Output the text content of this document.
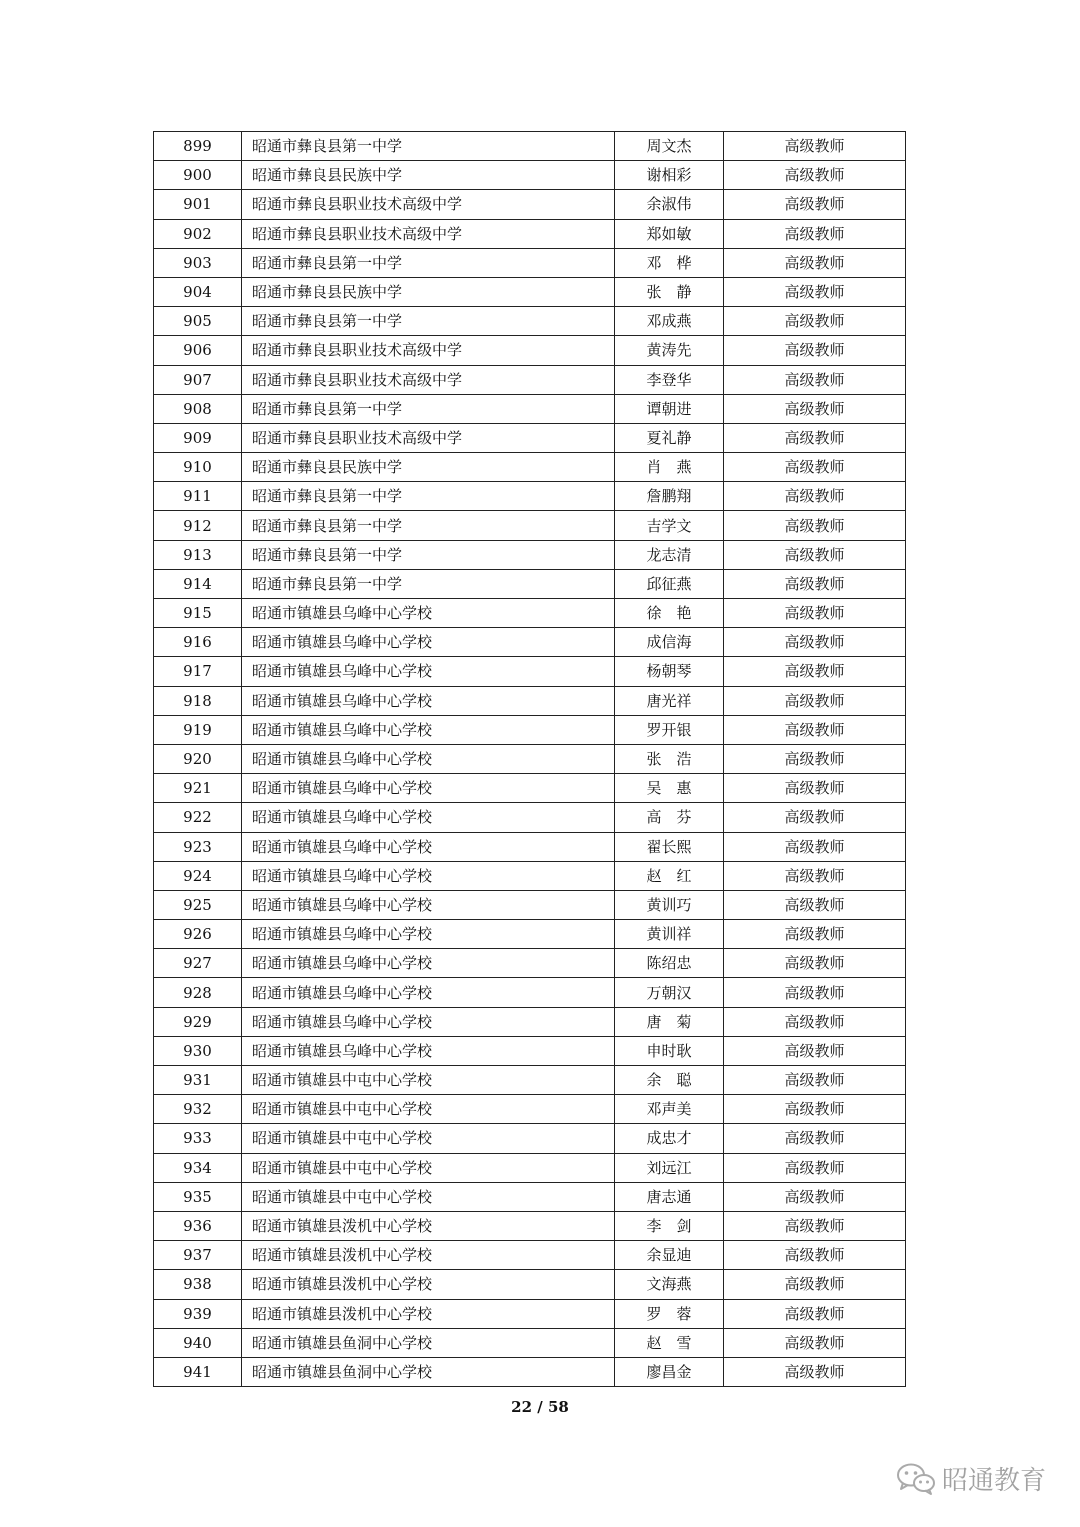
899	昭通市彝良县第一中学	周文杰	高级教师
900	昭通市彝良县民族中学	谢相彩	高级教师
901	昭通市彝良县职业技术高级中学	余淑伟	高级教师
902	昭通市彝良县职业技术高级中学	郑如敏	高级教师
903	昭通市彝良县第一中学	邓　桦	高级教师
904	昭通市彝良县民族中学	张　静	高级教师
905	昭通市彝良县第一中学	邓成燕	高级教师
906	昭通市彝良县职业技术高级中学	黄涛先	高级教师
907	昭通市彝良县职业技术高级中学	李登华	高级教师
908	昭通市彝良县第一中学	谭朝进	高级教师
909	昭通市彝良县职业技术高级中学	夏礼静	高级教师
910	昭通市彝良县民族中学	肖　燕	高级教师
911	昭通市彝良县第一中学	詹鹏翔	高级教师
912	昭通市彝良县第一中学	吉学文	高级教师
913	昭通市彝良县第一中学	龙志清	高级教师
914	昭通市彝良县第一中学	邱征燕	高级教师
915	昭通市镇雄县乌峰中心学校	徐　艳	高级教师
916	昭通市镇雄县乌峰中心学校	成信海	高级教师
917	昭通市镇雄县乌峰中心学校	杨朝琴	高级教师
918	昭通市镇雄县乌峰中心学校	唐光祥	高级教师
919	昭通市镇雄县乌峰中心学校	罗开银	高级教师
920	昭通市镇雄县乌峰中心学校	张　浩	高级教师
921	昭通市镇雄县乌峰中心学校	吴　惠	高级教师
922	昭通市镇雄县乌峰中心学校	高　芬	高级教师
923	昭通市镇雄县乌峰中心学校	翟长熙	高级教师
924	昭通市镇雄县乌峰中心学校	赵　红	高级教师
925	昭通市镇雄县乌峰中心学校	黄训巧	高级教师
926	昭通市镇雄县乌峰中心学校	黄训祥	高级教师
927	昭通市镇雄县乌峰中心学校	陈绍忠	高级教师
928	昭通市镇雄县乌峰中心学校	万朝汉	高级教师
929	昭通市镇雄县乌峰中心学校	唐　菊	高级教师
930	昭通市镇雄县乌峰中心学校	申时耿	高级教师
931	昭通市镇雄县中屯中心学校	余　聪	高级教师
932	昭通市镇雄县中屯中心学校	邓声美	高级教师
933	昭通市镇雄县中屯中心学校	成忠才	高级教师
934	昭通市镇雄县中屯中心学校	刘远江	高级教师
935	昭通市镇雄县中屯中心学校	唐志通	高级教师
936	昭通市镇雄县泼机中心学校	李　剑	高级教师
937	昭通市镇雄县泼机中心学校	余显迪	高级教师
938	昭通市镇雄县泼机中心学校	文海燕	高级教师
939	昭通市镇雄县泼机中心学校	罗　蓉	高级教师
940	昭通市镇雄县鱼洞中心学校	赵　雪	高级教师
941	昭通市镇雄县鱼洞中心学校	廖昌金	高级教师
22 / 58
昭通教育
